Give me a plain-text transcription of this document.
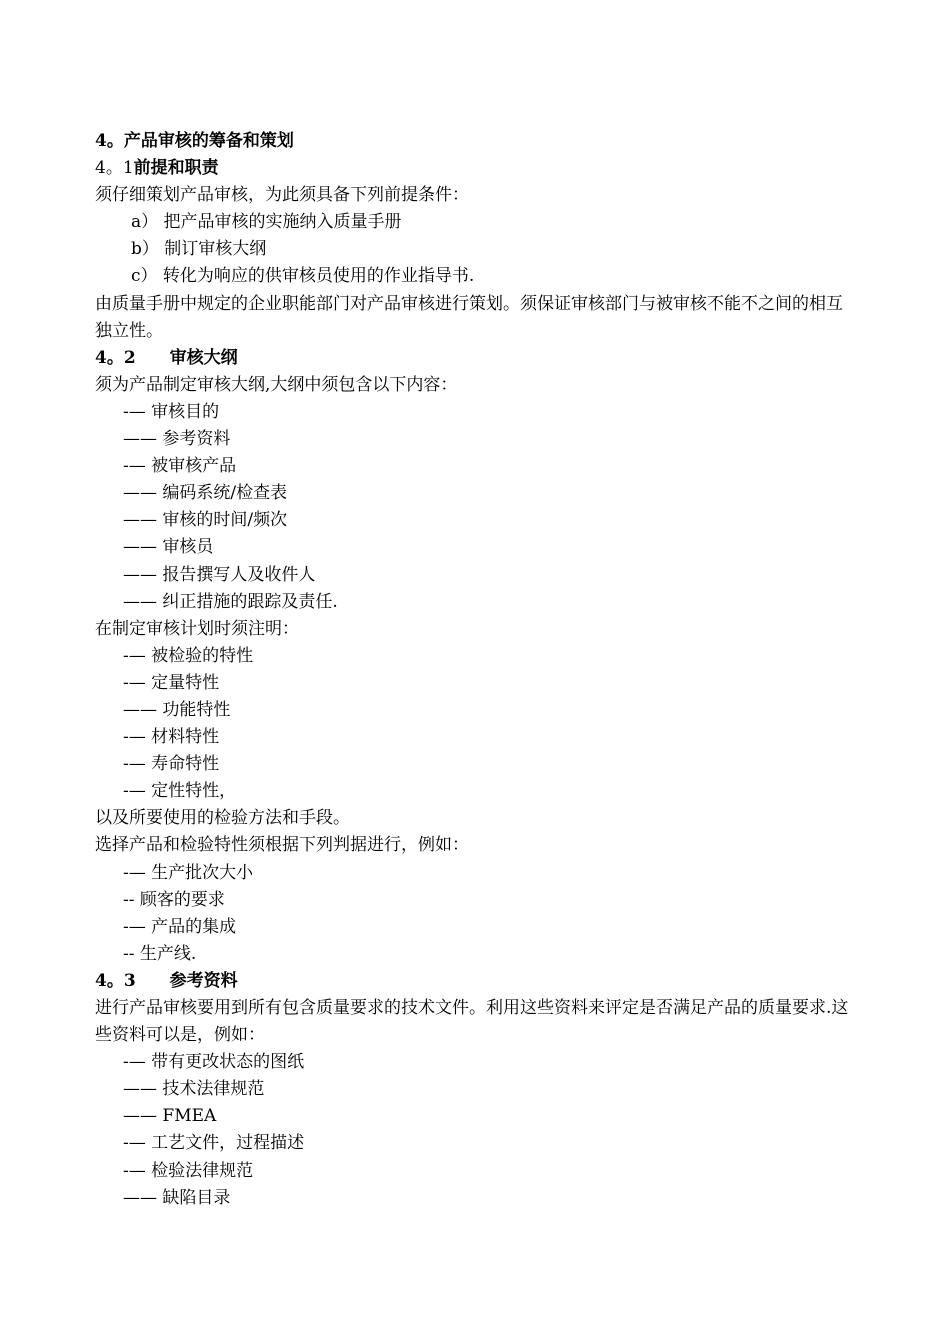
4。产品审核的筹备和策划
4。1前提和职责
须仔细策划产品审核，为此须具备下列前提条件：
a） 把产品审核的实施纳入质量手册
b） 制订审核大纲
c） 转化为响应的供审核员使用的作业指导书.
由质量手册中规定的企业职能部门对产品审核进行策划。须保证审核部门与被审核不能不之间的相互独立性。
4。2　　审核大纲
须为产品制定审核大纲,大纲中须包含以下内容：
-— 审核目的
—— 参考资料
-— 被审核产品
—— 编码系统/检查表
—— 审核的时间/频次
—— 审核员
—— 报告撰写人及收件人
—— 纠正措施的跟踪及责任.
在制定审核计划时须注明：
-— 被检验的特性
-— 定量特性
—— 功能特性
-— 材料特性
-— 寿命特性
-— 定性特性，
以及所要使用的检验方法和手段。
选择产品和检验特性须根据下列判据进行，例如：
-— 生产批次大小
-- 顾客的要求
-— 产品的集成
-- 生产线.
4。3　　参考资料
进行产品审核要用到所有包含质量要求的技术文件。利用这些资料来评定是否满足产品的质量要求.这些资料可以是，例如：
-— 带有更改状态的图纸
—— 技术法律规范
—— FMEA
-— 工艺文件，过程描述
-— 检验法律规范
—— 缺陷目录
